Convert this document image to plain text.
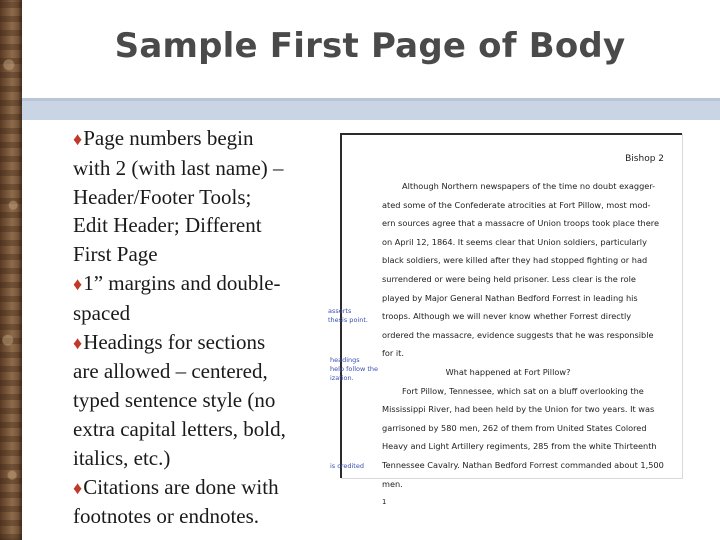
Sample First Page of Body
♦Page numbers begin
with 2 (with last name) –
Header/Footer Tools;
Edit Header; Different
First Page
♦1” margins and double-
spaced
♦Headings for sections
are allowed – centered,
typed sentence style (no
extra capital letters, bold,
italics, etc.)
♦Citations are done with
footnotes or endnotes.
Bishop 2
Although Northern newspapers of the time no doubt exagger-
ated some of the Confederate atrocities at Fort Pillow, most mod-
ern sources agree that a massacre of Union troops took place there
on April 12, 1864. It seems clear that Union soldiers, particularly
black soldiers, were killed after they had stopped fighting or had
surrendered or were being held prisoner. Less clear is the role
played by Major General Nathan Bedford Forrest in leading his
troops. Although we will never know whether Forrest directly
ordered the massacre, evidence suggests that he was responsible
for it.
What happened at Fort Pillow?
Fort Pillow, Tennessee, which sat on a bluff overlooking the
Mississippi River, had been held by the Union for two years. It was
garrisoned by 580 men, 262 of them from United States Colored
Heavy and Light Artillery regiments, 285 from the white Thirteenth
Tennessee Cavalry. Nathan Bedford Forrest commanded about 1,500
men.
$^1$
asserts
thesis point.
headings
help follow the
ization.
is credited
